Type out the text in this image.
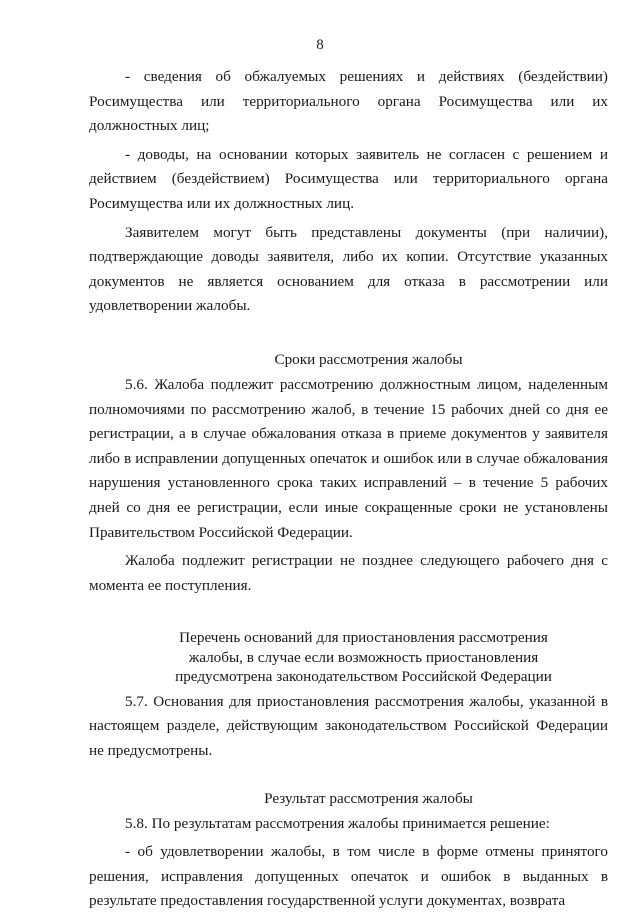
8

- сведения об обжалуемых решениях и действиях (бездействии) Росимущества или территориального органа Росимущества или их должностных лиц;

- доводы, на основании которых заявитель не согласен с решением и действием (бездействием) Росимущества или территориального органа Росимущества или их должностных лиц.

Заявителем могут быть представлены документы (при наличии), подтверждающие доводы заявителя, либо их копии. Отсутствие указанных документов не является основанием для отказа в рассмотрении или удовлетворении жалобы.

Сроки рассмотрения жалобы

5.6. Жалоба подлежит рассмотрению должностным лицом, наделенным полномочиями по рассмотрению жалоб, в течение 15 рабочих дней со дня ее регистрации, а в случае обжалования отказа в приеме документов у заявителя либо в исправлении допущенных опечаток и ошибок или в случае обжалования нарушения установленного срока таких исправлений – в течение 5 рабочих дней со дня ее регистрации, если иные сокращенные сроки не установлены Правительством Российской Федерации.

Жалоба подлежит регистрации не позднее следующего рабочего дня с момента ее поступления.

Перечень оснований для приостановления рассмотрения
жалобы, в случае если возможность приостановления
предусмотрена законодательством Российской Федерации

5.7. Основания для приостановления рассмотрения жалобы, указанной в настоящем разделе, действующим законодательством Российской Федерации не предусмотрены.

Результат рассмотрения жалобы

5.8. По результатам рассмотрения жалобы принимается решение:

- об удовлетворении жалобы, в том числе в форме отмены принятого решения, исправления допущенных опечаток и ошибок в выданных в результате предоставления государственной услуги документах, возврата
